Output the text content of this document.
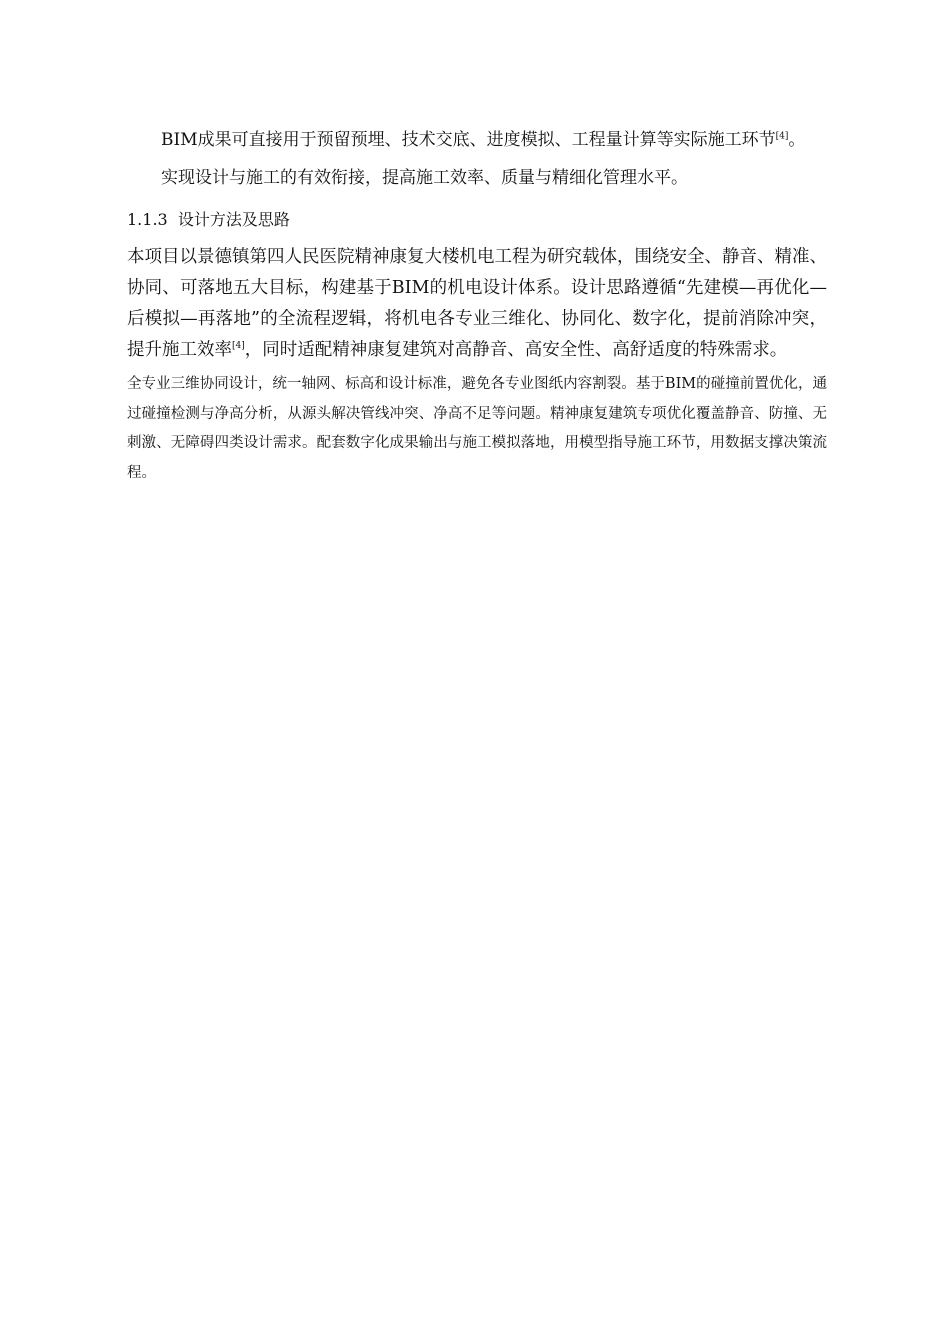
BIM成果可直接用于预留预埋、技术交底、进度模拟、工程量计算等实际施工环节[4]。

实现设计与施工的有效衔接，提高施工效率、质量与精细化管理水平。

1.1.3 设计方法及思路

本项目以景德镇第四人民医院精神康复大楼机电工程为研究载体，围绕安全、静音、精准、协同、可落地五大目标，构建基于BIM的机电设计体系。设计思路遵循“先建模—再优化—后模拟—再落地”的全流程逻辑，将机电各专业三维化、协同化、数字化，提前消除冲突，提升施工效率[4]，同时适配精神康复建筑对高静音、高安全性、高舒适度的特殊需求。

全专业三维协同设计，统一轴网、标高和设计标准，避免各专业图纸内容割裂。基于BIM的碰撞前置优化，通过碰撞检测与净高分析，从源头解决管线冲突、净高不足等问题。精神康复建筑专项优化覆盖静音、防撞、无刺激、无障碍四类设计需求。配套数字化成果输出与施工模拟落地，用模型指导施工环节，用数据支撑决策流程。
